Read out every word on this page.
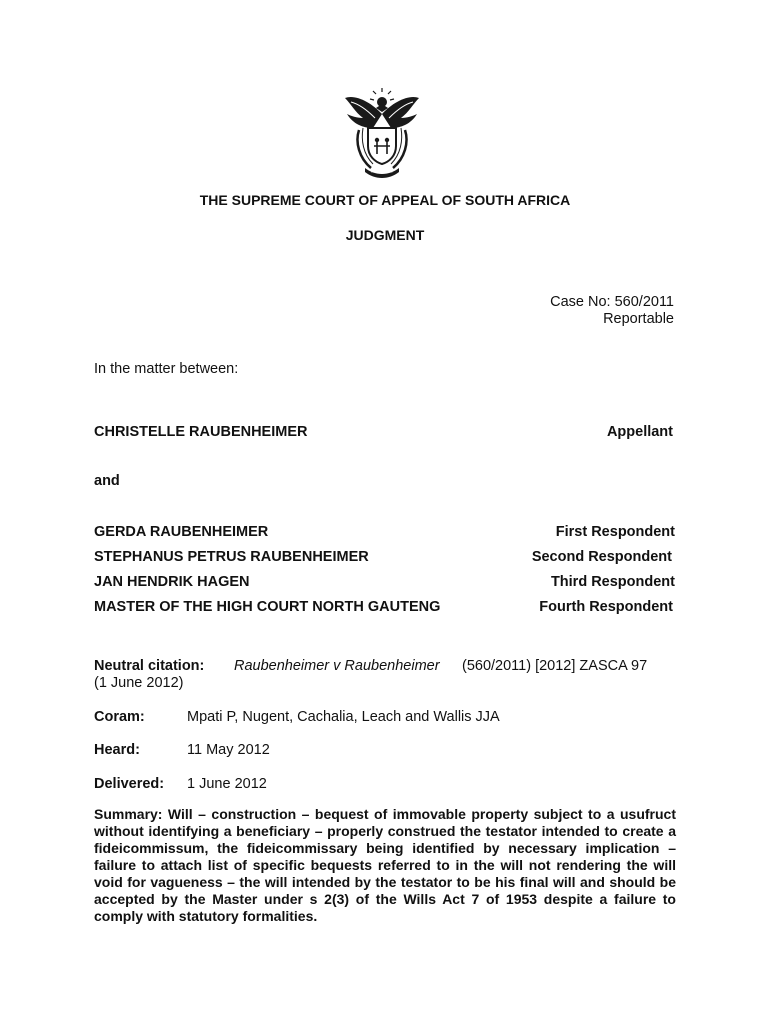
THE SUPREME COURT OF APPEAL OF SOUTH AFRICA
JUDGMENT
Case No: 560/2011
Reportable
In the matter between:
CHRISTELLE RAUBENHEIMER	Appellant
and
GERDA RAUBENHEIMER	First Respondent
STEPHANUS PETRUS RAUBENHEIMER	Second Respondent
JAN HENDRIK HAGEN	Third Respondent
MASTER OF THE HIGH COURT NORTH GAUTENG	Fourth Respondent
Neutral citation: Raubenheimer v Raubenheimer (560/2011) [2012] ZASCA 97
(1 June 2012)
Coram:	Mpati P, Nugent, Cachalia, Leach and Wallis JJA
Heard:	11 May 2012
Delivered: 1 June 2012
Summary: Will – construction – bequest of immovable property subject to a usufruct without identifying a beneficiary – properly construed the testator intended to create a fideicommissum, the fideicommissary being identified by necessary implication – failure to attach list of specific bequests referred to in the will not rendering the will void for vagueness – the will intended by the testator to be his final will and should be accepted by the Master under s 2(3) of the Wills Act 7 of 1953 despite a failure to comply with statutory formalities.
